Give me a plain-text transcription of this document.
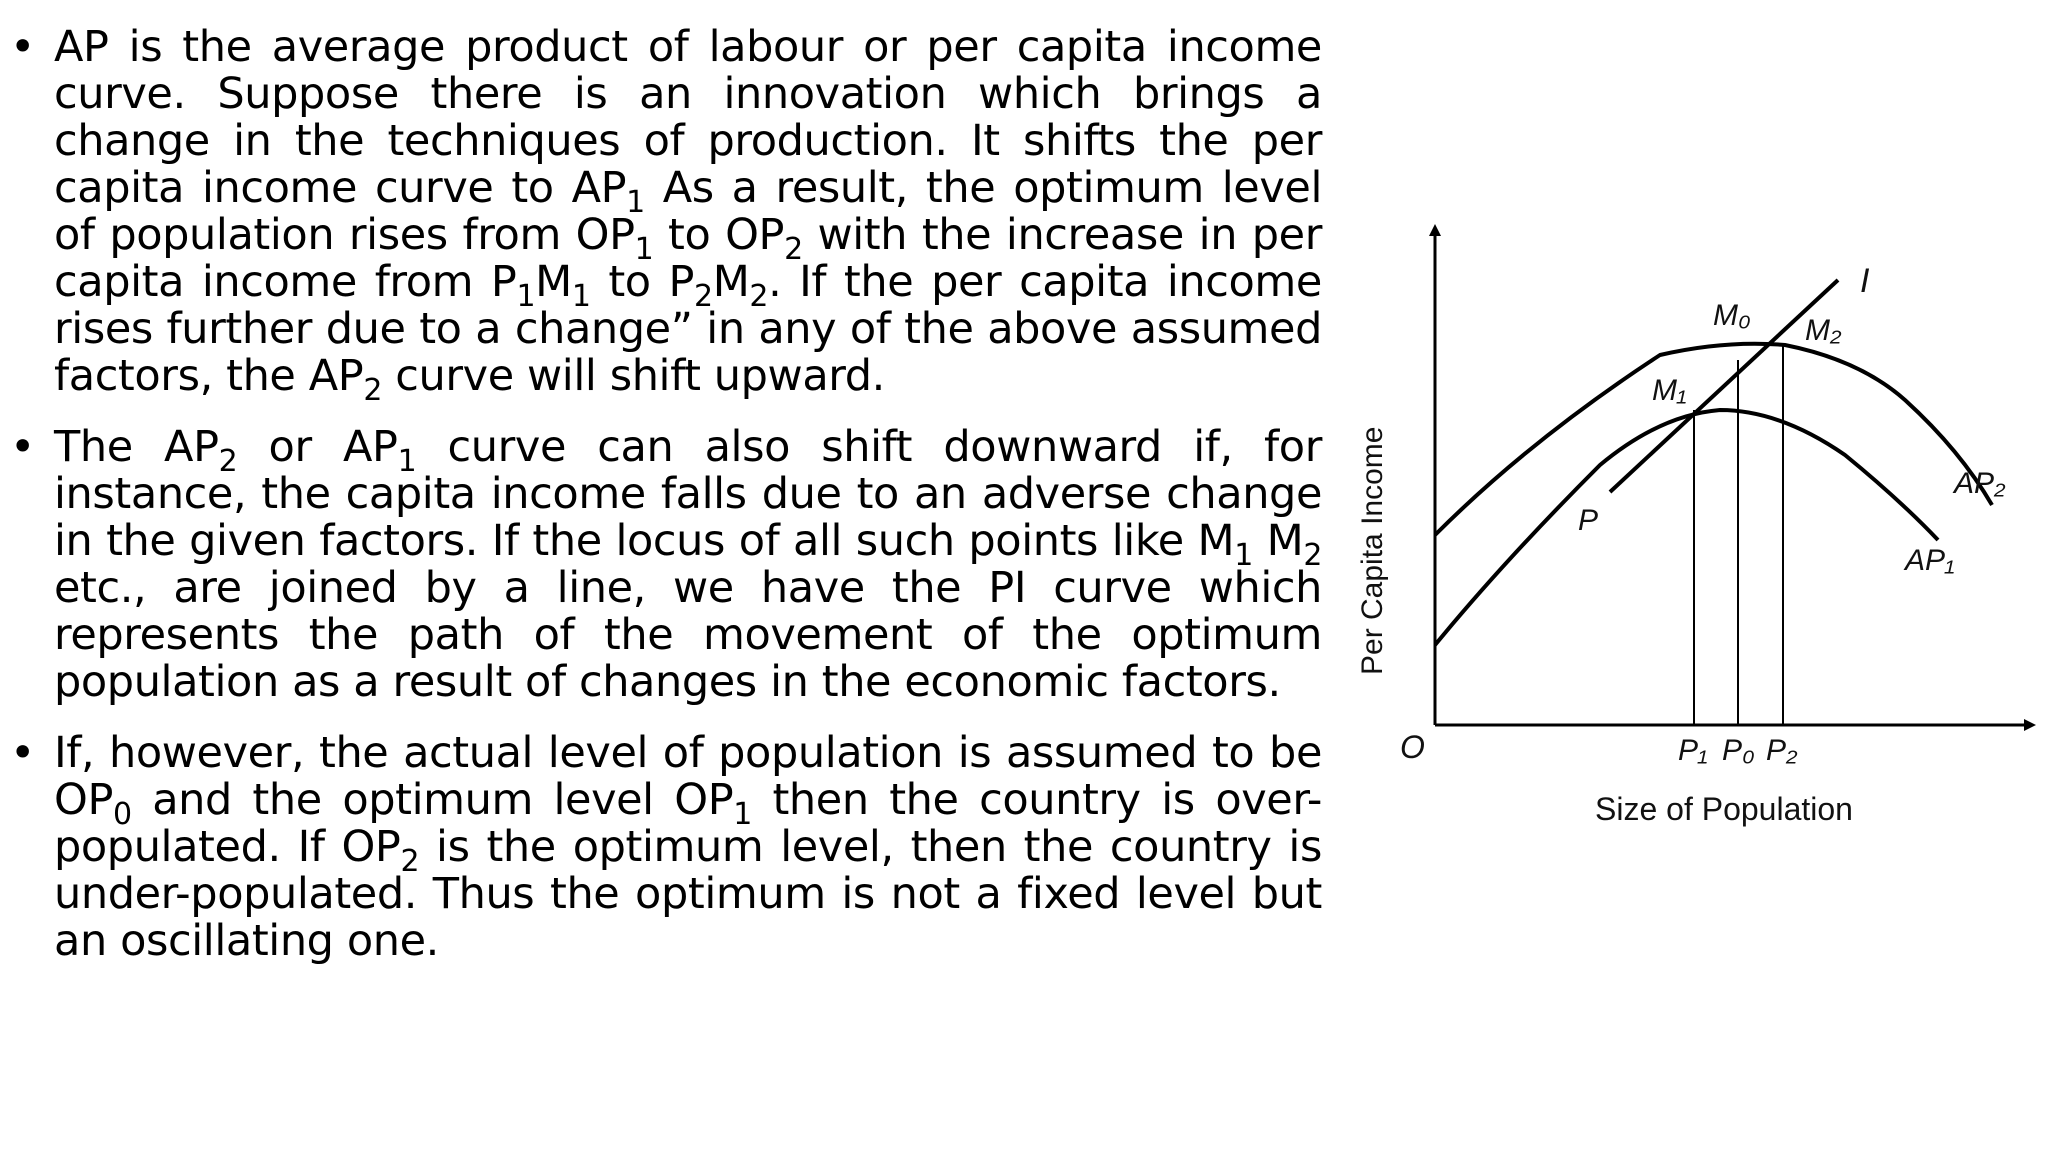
• AP is the average product of labour or per capita income curve. Suppose there is an innovation which brings a change in the techniques of production. It shifts the per capita income curve to $AP_1$ As a result, the optimum level of population rises from $OP_1$ to $OP_2$ with the increase in per capita income from $P_1M_1$ to $P_2M_2$. If the per capita income rises further due to a change” in any of the above assumed factors, the $AP_2$ curve will shift upward.
• The $AP_2$ or $AP_1$ curve can also shift downward if, for instance, the capita income falls due to an adverse change in the given factors. If the locus of all such points like $M_1$ $M_2$ etc., are joined by a line, we have the PI curve which represents the path of the movement of the optimum population as a result of changes in the economic factors.
• If, however, the actual level of population is assumed to be $OP_0$ and the optimum level $OP_1$ then the country is over-populated. If $OP_2$ is the optimum level, then the country is under-populated. Thus the optimum is not a fixed level but an oscillating one.
M₀
M₁
M₂
I
P
AP₂
AP₁
O	P₁ P₀ P₂
Size of Population
Per Capita Income
